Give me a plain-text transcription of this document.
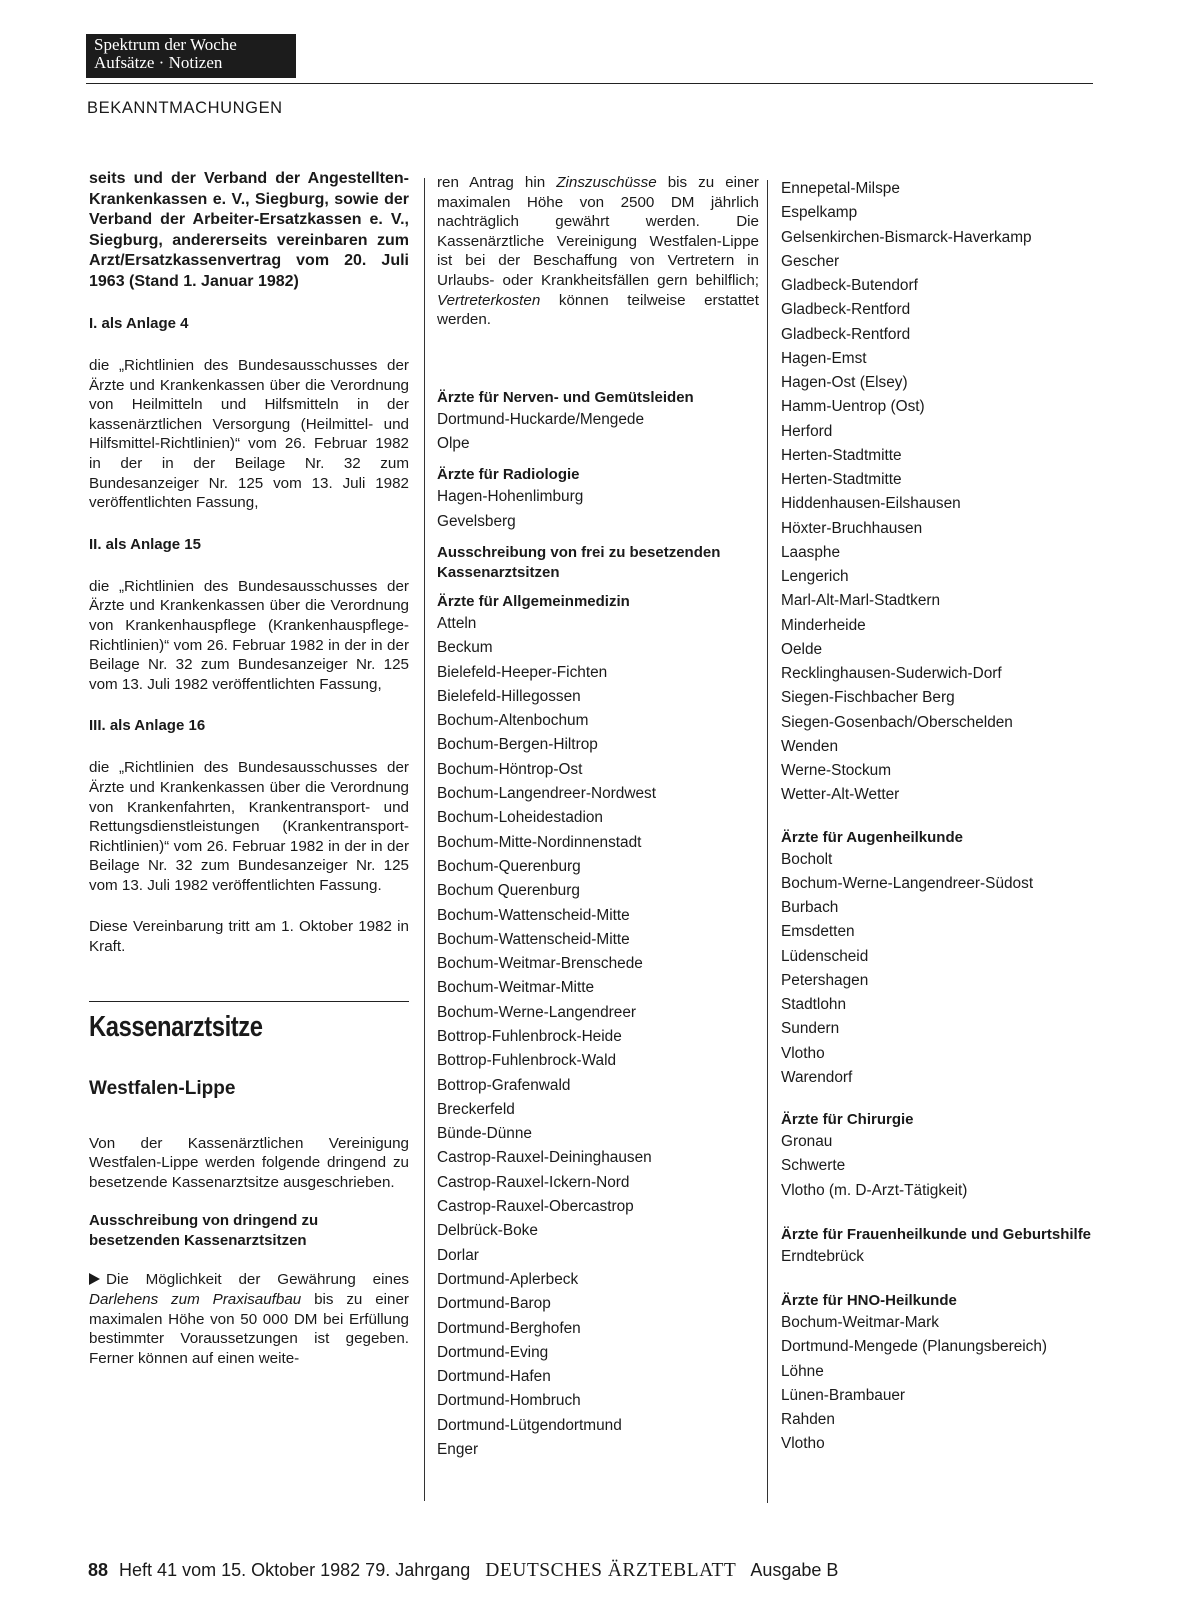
Spektrum der Woche
Aufsätze · Notizen
BEKANNTMACHUNGEN

seits und der Verband der Angestellten-Krankenkassen e. V., Siegburg, sowie der Verband der Arbeiter-Ersatzkassen e. V., Siegburg, andererseits vereinbaren zum Arzt/Ersatzkassenvertrag vom 20. Juli 1963 (Stand 1. Januar 1982)

I. als Anlage 4

die „Richtlinien des Bundesausschusses der Ärzte und Krankenkassen über die Verordnung von Heilmitteln und Hilfsmitteln in der kassenärztlichen Versorgung (Heilmittel- und Hilfsmittel-Richtlinien)“ vom 26. Februar 1982 in der in der Beilage Nr. 32 zum Bundesanzeiger Nr. 125 vom 13. Juli 1982 veröffentlichten Fassung,

II. als Anlage 15

die „Richtlinien des Bundesausschusses der Ärzte und Krankenkassen über die Verordnung von Krankenhauspflege (Krankenhauspflege-Richtlinien)“ vom 26. Februar 1982 in der in der Beilage Nr. 32 zum Bundesanzeiger Nr. 125 vom 13. Juli 1982 veröffentlichten Fassung,

III. als Anlage 16

die „Richtlinien des Bundesausschusses der Ärzte und Krankenkassen über die Verordnung von Krankenfahrten, Krankentransport- und Rettungsdienstleistungen (Krankentransport-Richtlinien)“ vom 26. Februar 1982 in der in der Beilage Nr. 32 zum Bundesanzeiger Nr. 125 vom 13. Juli 1982 veröffentlichten Fassung.

Diese Vereinbarung tritt am 1. Oktober 1982 in Kraft.

Kassenarztsitze

Westfalen-Lippe

Von der Kassenärztlichen Vereinigung Westfalen-Lippe werden folgende dringend zu besetzende Kassenarztsitze ausgeschrieben.

Ausschreibung von dringend zu besetzenden Kassenarztsitzen

Die Möglichkeit der Gewährung eines Darlehens zum Praxisaufbau bis zu einer maximalen Höhe von 50 000 DM bei Erfüllung bestimmter Voraussetzungen ist gegeben. Ferner können auf einen weite-

ren Antrag hin Zinszuschüsse bis zu einer maximalen Höhe von 2500 DM jährlich nachträglich gewährt werden. Die Kassenärztliche Vereinigung Westfalen-Lippe ist bei der Beschaffung von Vertretern in Urlaubs- oder Krankheitsfällen gern behilflich; Vertreterkosten können teilweise erstattet werden.

Ärzte für Nerven- und Gemütsleiden

Dortmund-Huckarde/Mengede
Olpe

Ärzte für Radiologie

Hagen-Hohenlimburg
Gevelsberg

Ausschreibung von frei zu besetzenden Kassenarztsitzen

Ärzte für Allgemeinmedizin

Atteln
Beckum
Bielefeld-Heeper-Fichten
Bielefeld-Hillegossen
Bochum-Altenbochum
Bochum-Bergen-Hiltrop
Bochum-Höntrop-Ost
Bochum-Langendreer-Nordwest
Bochum-Loheidestadion
Bochum-Mitte-Nordinnenstadt
Bochum-Querenburg
Bochum Querenburg
Bochum-Wattenscheid-Mitte
Bochum-Wattenscheid-Mitte
Bochum-Weitmar-Brenschede
Bochum-Weitmar-Mitte
Bochum-Werne-Langendreer
Bottrop-Fuhlenbrock-Heide
Bottrop-Fuhlenbrock-Wald
Bottrop-Grafenwald
Breckerfeld
Bünde-Dünne
Castrop-Rauxel-Deininghausen
Castrop-Rauxel-Ickern-Nord
Castrop-Rauxel-Obercastrop
Delbrück-Boke
Dorlar
Dortmund-Aplerbeck
Dortmund-Barop
Dortmund-Berghofen
Dortmund-Eving
Dortmund-Hafen
Dortmund-Hombruch
Dortmund-Lütgendortmund
Enger
Ennepetal-Milspe
Espelkamp
Gelsenkirchen-Bismarck-Haverkamp
Gescher
Gladbeck-Butendorf
Gladbeck-Rentford
Gladbeck-Rentford
Hagen-Emst
Hagen-Ost (Elsey)
Hamm-Uentrop (Ost)
Herford
Herten-Stadtmitte
Herten-Stadtmitte
Hiddenhausen-Eilshausen
Höxter-Bruchhausen
Laasphe
Lengerich
Marl-Alt-Marl-Stadtkern
Minderheide
Oelde
Recklinghausen-Suderwich-Dorf
Siegen-Fischbacher Berg
Siegen-Gosenbach/Oberschelden
Wenden
Werne-Stockum
Wetter-Alt-Wetter

Ärzte für Augenheilkunde

Bocholt
Bochum-Werne-Langendreer-Südost
Burbach
Emsdetten
Lüdenscheid
Petershagen
Stadtlohn
Sundern
Vlotho
Warendorf

Ärzte für Chirurgie

Gronau
Schwerte
Vlotho (m. D-Arzt-Tätigkeit)

Ärzte für Frauenheilkunde und Geburtshilfe

Erndtebrück

Ärzte für HNO-Heilkunde

Bochum-Weitmar-Mark
Dortmund-Mengede (Planungsbereich)
Löhne
Lünen-Brambauer
Rahden
Vlotho
88 Heft 41 vom 15. Oktober 1982 79. Jahrgang DEUTSCHES ÄRZTEBLATT Ausgabe B
